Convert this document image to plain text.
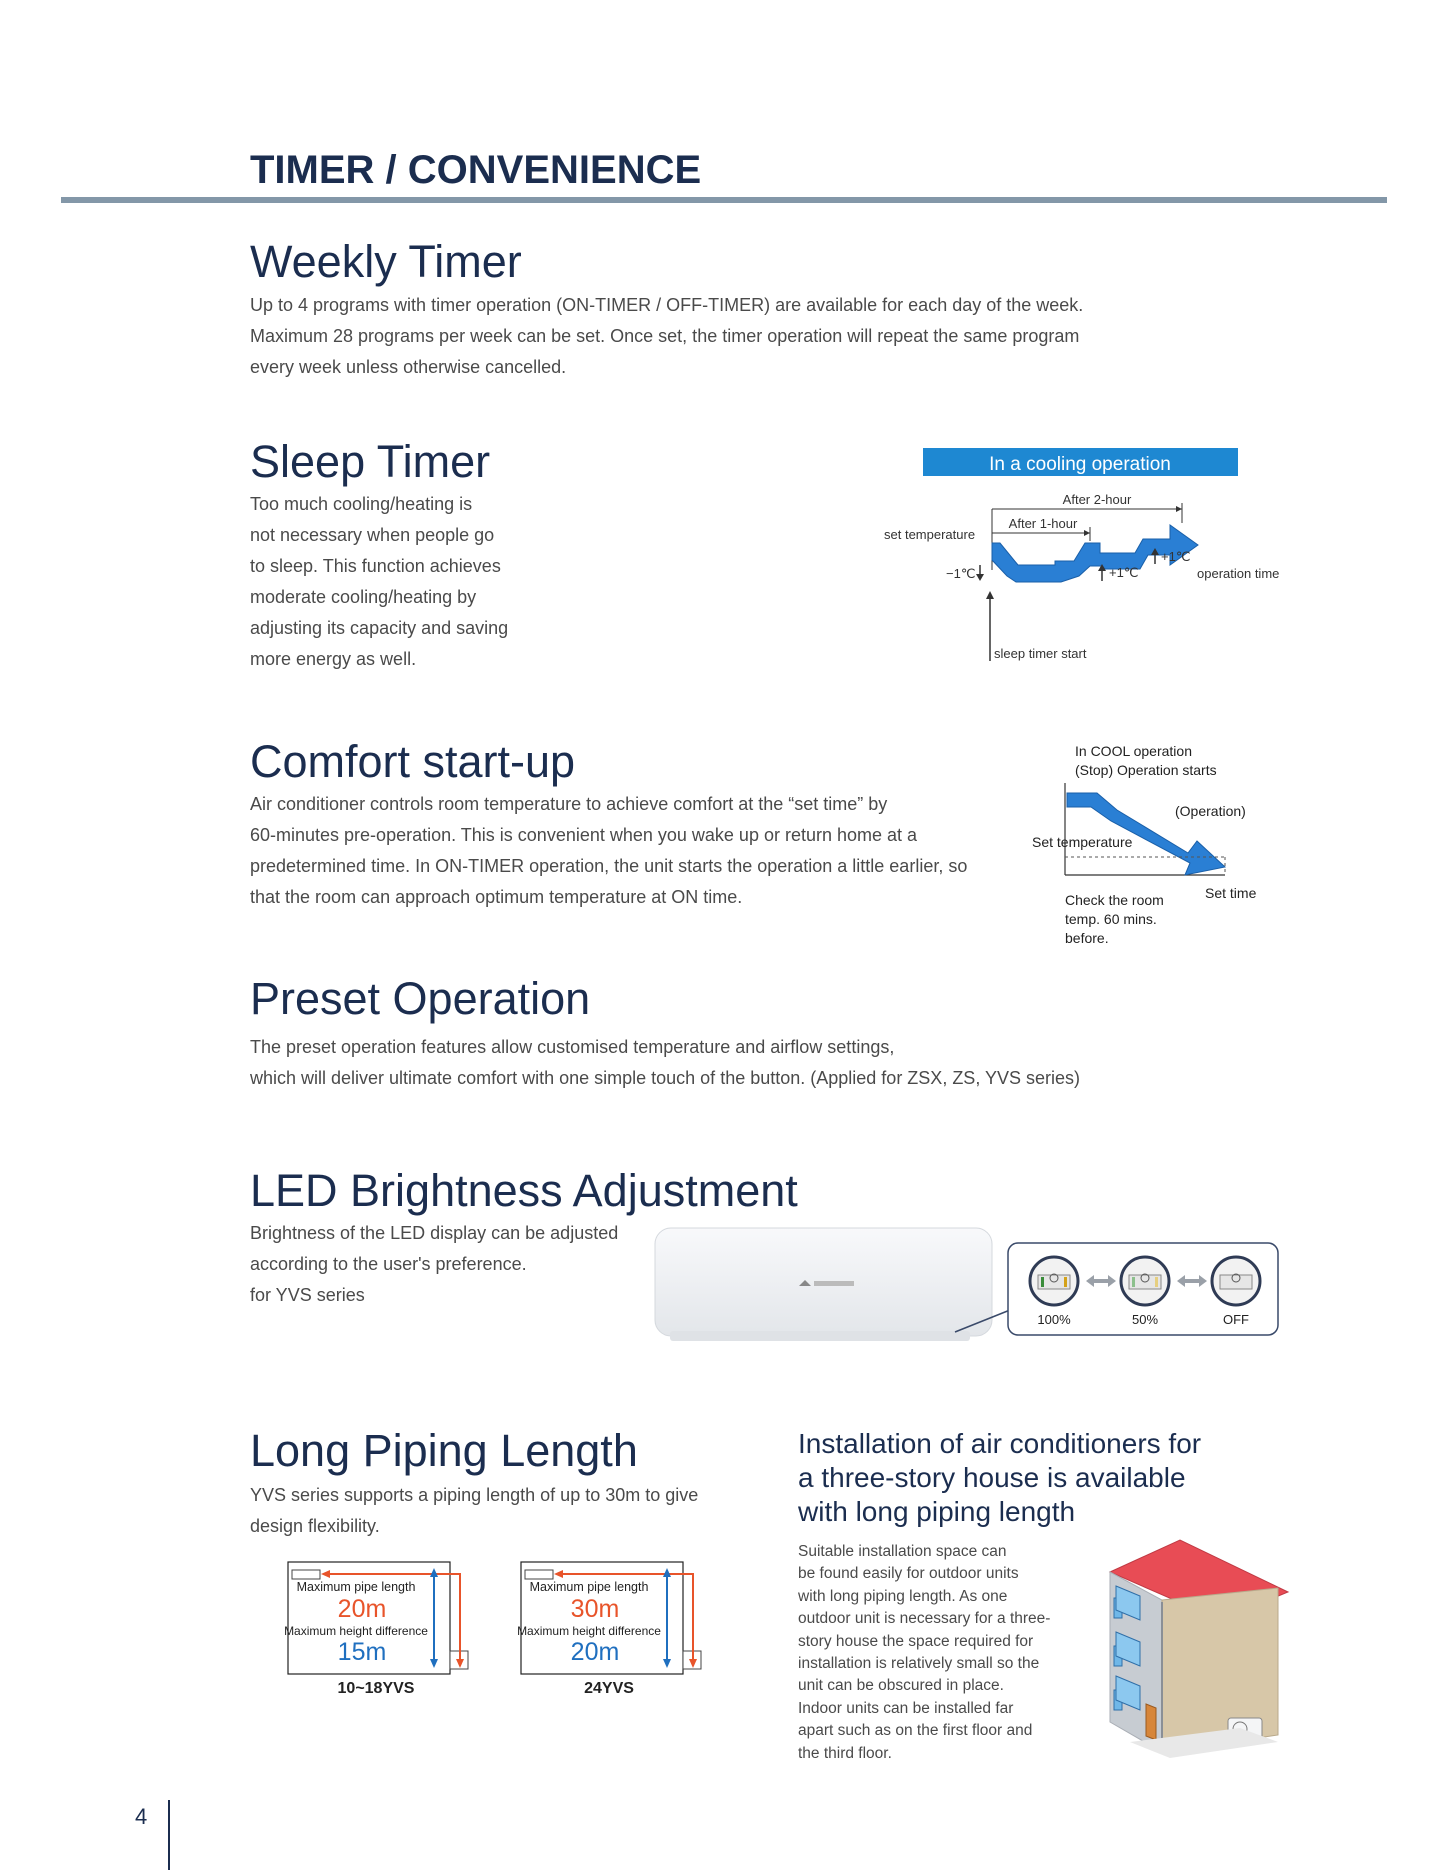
TIMER / CONVENIENCE
Weekly Timer
Up to 4 programs with timer operation (ON-TIMER / OFF-TIMER) are available for each day of the week.
Maximum 28 programs per week can be set. Once set, the timer operation will repeat the same program
every week unless otherwise cancelled.
Sleep Timer
Too much cooling/heating is
not necessary when people go
to sleep. This function achieves
moderate cooling/heating by
adjusting its capacity and saving
more energy as well.
In a cooling operation
After 2-hour
After 1-hour
set temperature
−1℃	+1℃
+1℃
operation time
sleep timer start
Comfort start-up
Air conditioner controls room temperature to achieve comfort at the “set time” by
60-minutes pre-operation. This is convenient when you wake up or return home at a
predetermined time. In ON-TIMER operation, the unit starts the operation a little earlier, so
that the room can approach optimum temperature at ON time.
In COOL operation
(Stop) Operation starts
(Operation)
Set temperature
Set time
Check the room
temp. 60 mins.
before.
Preset Operation
The preset operation features allow customised temperature and airflow settings,
which will deliver ultimate comfort with one simple touch of the button. (Applied for ZSX, ZS, YVS series)
LED Brightness Adjustment
Brightness of the LED display can be adjusted
according to the user's preference.
for YVS series
100%	50%	OFF
Long Piping Length
YVS series supports a piping length of up to 30m to give
design flexibility.
Maximum pipe length
20m
Maximum height difference
15m
10~18YVS
Maximum pipe length
30m
Maximum height difference
20m
24YVS
Installation of air conditioners for
a three-story house is available
with long piping length
Suitable installation space can
be found easily for outdoor units
with long piping length. As one
outdoor unit is necessary for a three-
story house the space required for
installation is relatively small so the
unit can be obscured in place.
Indoor units can be installed far
apart such as on the first floor and
the third floor.
4
